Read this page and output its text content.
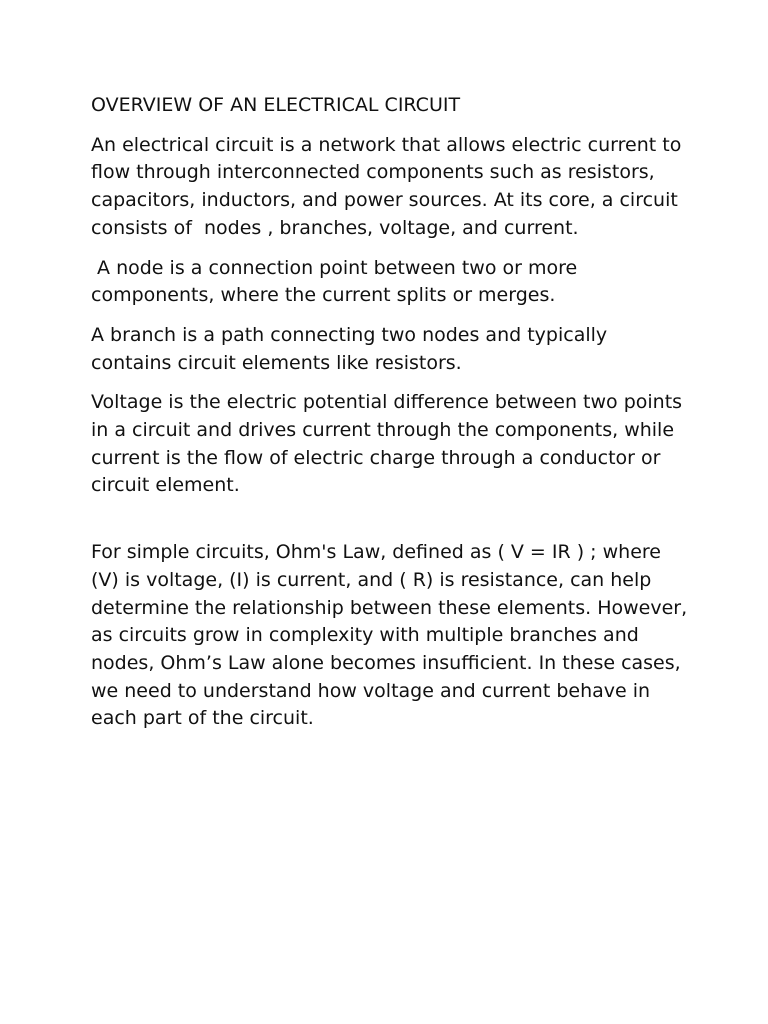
OVERVIEW OF AN ELECTRICAL CIRCUIT

An electrical circuit is a network that allows electric current to flow through interconnected components such as resistors, capacitors, inductors, and power sources. At its core, a circuit consists of  nodes , branches, voltage, and current.

A node is a connection point between two or more components, where the current splits or merges.

A branch is a path connecting two nodes and typically contains circuit elements like resistors.

Voltage is the electric potential difference between two points in a circuit and drives current through the components, while current is the flow of electric charge through a conductor or circuit element.

For simple circuits, Ohm's Law, defined as ( V = IR ) ; where (V) is voltage, (I) is current, and ( R) is resistance, can help determine the relationship between these elements. However, as circuits grow in complexity with multiple branches and nodes, Ohm’s Law alone becomes insufficient. In these cases, we need to understand how voltage and current behave in each part of the circuit.
